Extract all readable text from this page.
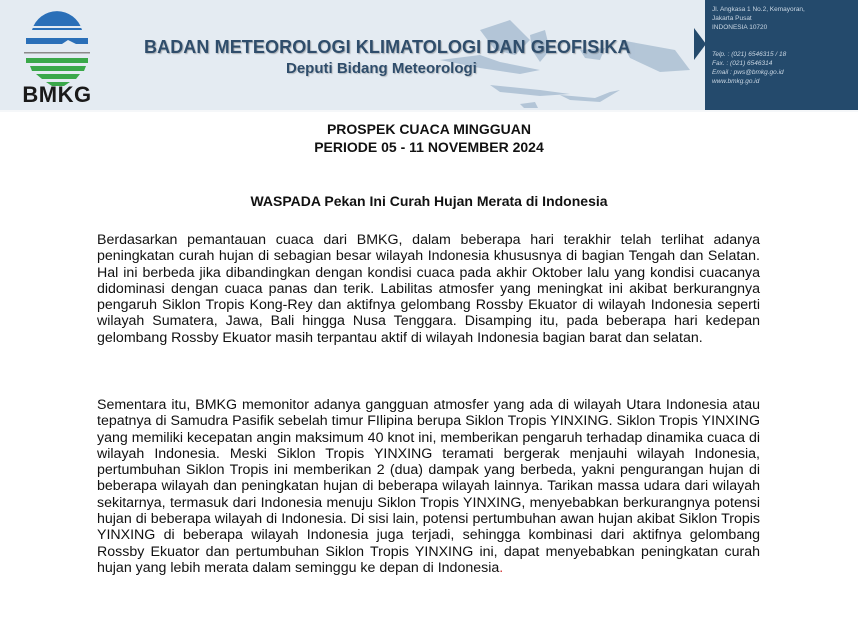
BMKG
BADAN METEOROLOGI KLIMATOLOGI DAN GEOFISIKA
Deputi Bidang Meteorologi
Jl. Angkasa 1 No.2, Kemayoran,
Jakarta Pusat
INDONESIA 10720
Telp. : (021) 6546315 / 18
Fax. : (021) 6546314
Email : pws@bmkg.go.id
www.bmkg.go.id
PROSPEK CUACA MINGGUAN
PERIODE 05 - 11 NOVEMBER 2024
WASPADA Pekan Ini Curah Hujan Merata di Indonesia
Berdasarkan pemantauan cuaca dari BMKG, dalam beberapa hari terakhir telah terlihat adanya peningkatan curah hujan di sebagian besar wilayah Indonesia khususnya di bagian Tengah dan Selatan. Hal ini berbeda jika dibandingkan dengan kondisi cuaca pada akhir Oktober lalu yang kondisi cuacanya didominasi dengan cuaca panas dan terik. Labilitas atmosfer yang meningkat ini akibat berkurangnya pengaruh Siklon Tropis Kong-Rey dan aktifnya gelombang Rossby Ekuator di wilayah Indonesia seperti wilayah Sumatera, Jawa, Bali hingga Nusa Tenggara. Disamping itu, pada beberapa hari kedepan gelombang Rossby Ekuator masih terpantau aktif di wilayah Indonesia bagian barat dan selatan.
Sementara itu, BMKG memonitor adanya gangguan atmosfer yang ada di wilayah Utara Indonesia atau tepatnya di Samudra Pasifik sebelah timur FIlipina berupa Siklon Tropis YINXING. Siklon Tropis YINXING yang memiliki kecepatan angin maksimum 40 knot ini, memberikan pengaruh terhadap dinamika cuaca di wilayah Indonesia. Meski Siklon Tropis YINXING teramati bergerak menjauhi wilayah Indonesia, pertumbuhan Siklon Tropis ini memberikan 2 (dua) dampak yang berbeda, yakni pengurangan hujan di beberapa wilayah dan peningkatan hujan di beberapa wilayah lainnya. Tarikan massa udara dari wilayah sekitarnya, termasuk dari Indonesia menuju Siklon Tropis YINXING, menyebabkan berkurangnya potensi hujan di beberapa wilayah di Indonesia. Di sisi lain, potensi pertumbuhan awan hujan akibat Siklon Tropis YINXING di beberapa wilayah Indonesia juga terjadi, sehingga kombinasi dari aktifnya gelombang Rossby Ekuator dan pertumbuhan Siklon Tropis YINXING ini, dapat menyebabkan peningkatan curah hujan yang lebih merata dalam seminggu ke depan di Indonesia.
